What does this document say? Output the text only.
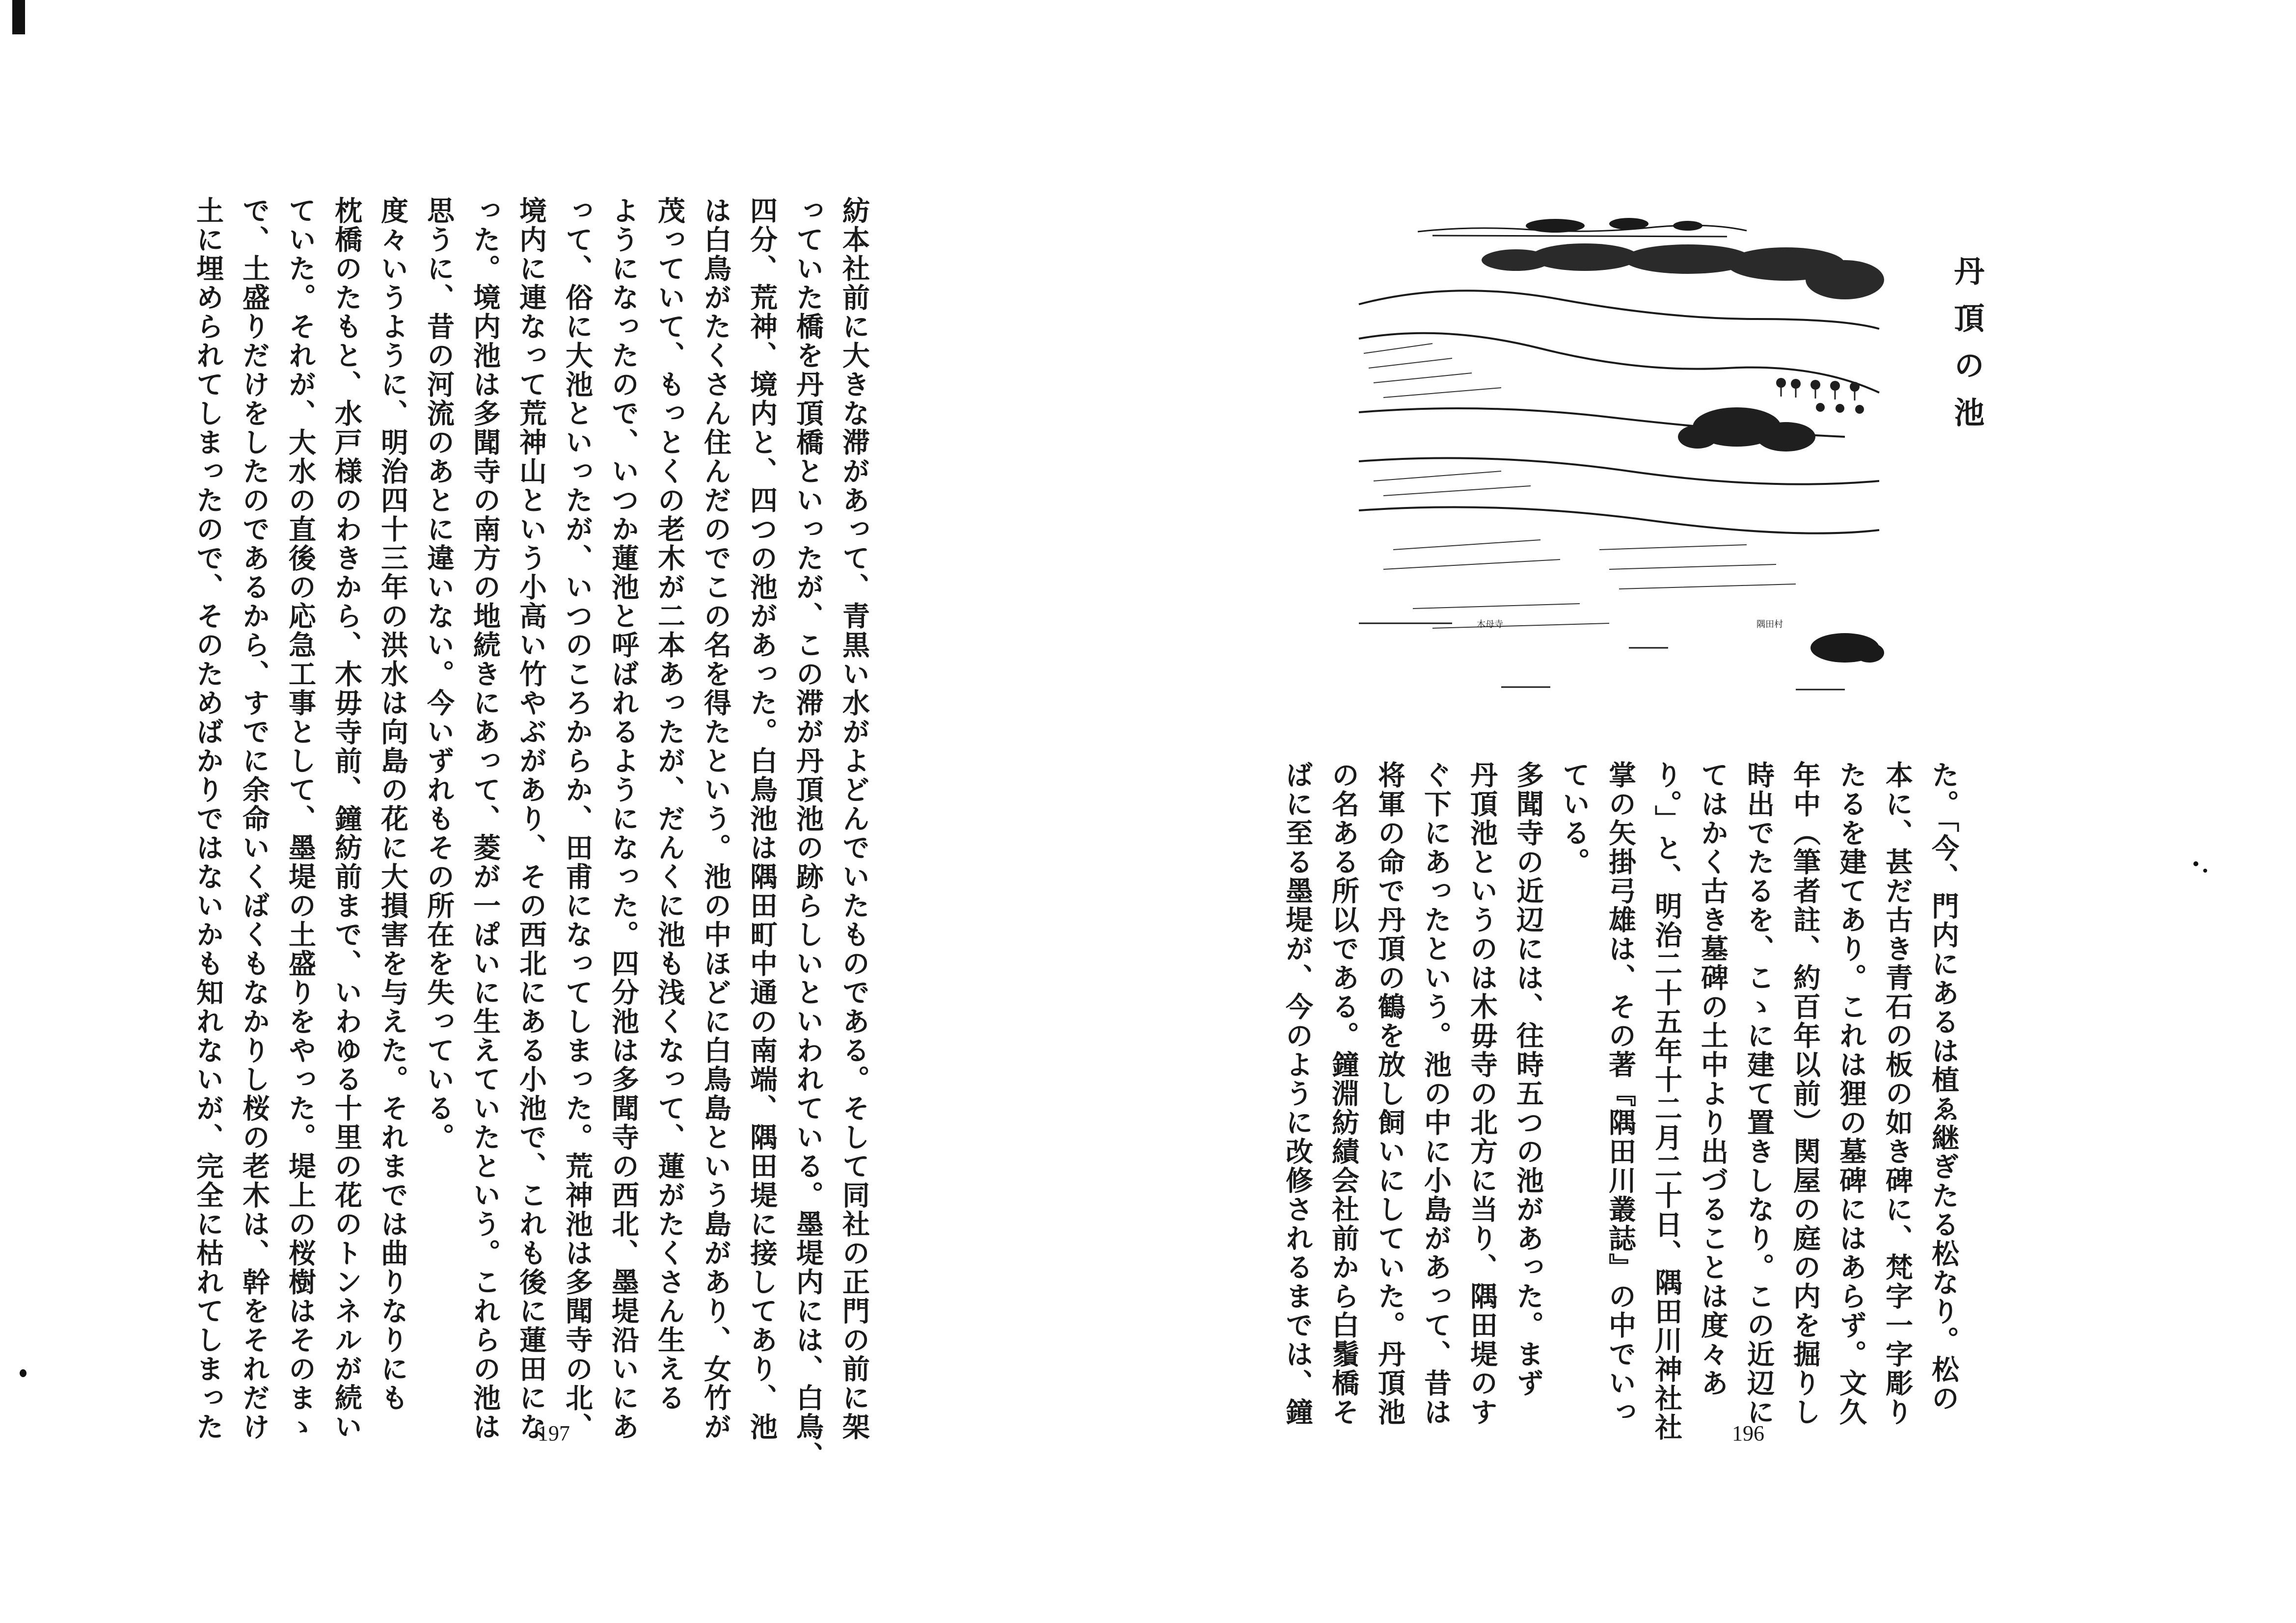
紡本社前に大きな滞があって、青黒い水がよどんでいたものである。そして同社の正門の前に架
っていた橋を丹頂橋といったが、この滞が丹頂池の跡らしいといわれている。墨堤内には、白鳥、
四分、荒神、境内と、四つの池があった。白鳥池は隅田町中通の南端、隅田堤に接してあり、池
は白鳥がたくさん住んだのでこの名を得たという。池の中ほどに白鳥島という島があり、女竹が
茂っていて、もっとくの老木が二本あったが、だんくに池も浅くなって、蓮がたくさん生える
ようになったので、いつか蓮池と呼ばれるようになった。四分池は多聞寺の西北、墨堤沿いにあ
って、俗に大池といったが、いつのころからか、田甫になってしまった。荒神池は多聞寺の北、
境内に連なって荒神山という小高い竹やぶがあり、その西北にある小池で、これも後に蓮田にな
った。境内池は多聞寺の南方の地続きにあって、菱が一ぱいに生えていたという。これらの池は
思うに、昔の河流のあとに違いない。今いずれもその所在を失っている。
度々いうように、明治四十三年の洪水は向島の花に大損害を与えた。それまでは曲りなりにも
枕橋のたもと、水戸様のわきから、木毋寺前、鐘紡前まで、いわゆる十里の花のトンネルが続い
ていた。それが、大水の直後の応急工事として、墨堤の土盛りをやった。堤上の桜樹はそのまゝ
で、土盛りだけをしたのであるから、すでに余命いくばくもなかりし桜の老木は、幹をそれだけ
土に埋められてしまったので、そのためばかりではないかも知れないが、完全に枯れてしまった	197
木母寺	隅田村
丹頂の池
た。「今、門内にあるは植ゑ継ぎたる松なり。松の
本に、甚だ古き青石の板の如き碑に、梵字一字彫り
たるを建てあり。これは狸の墓碑にはあらず。文久
年中（筆者註、約百年以前）関屋の庭の内を掘りし
時出でたるを、こゝに建て置きしなり。この近辺に
てはかく古き墓碑の土中より出づることは度々あ
り。」と、明治二十五年十二月二十日、隅田川神社社
掌の矢掛弓雄は、その著『隅田川叢誌』の中でいっ
ている。
多聞寺の近辺には、往時五つの池があった。まず
丹頂池というのは木毋寺の北方に当り、隅田堤のす
ぐ下にあったという。池の中に小島があって、昔は
将軍の命で丹頂の鶴を放し飼いにしていた。丹頂池
の名ある所以である。鐘淵紡績会社前から白鬚橋そ
ばに至る墨堤が、今のように改修されるまでは、鐘
196
